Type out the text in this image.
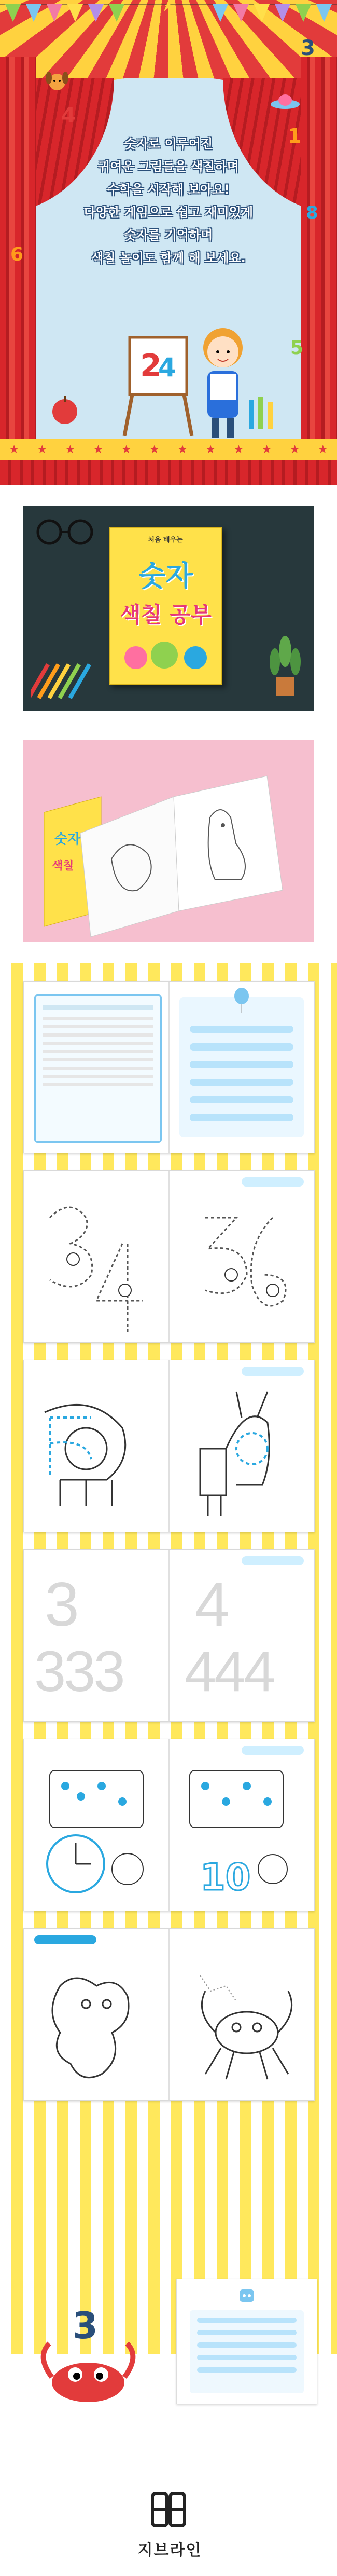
4
1
8
6
5
3
숫자로 이루어진
귀여운 그림들을 색칠하며
수학을 시작해 보아요!
다양한 게임으로 쉽고 재미있게
숫자를 기억하며
색칠 놀이도 함께 해 보세요.
2
4
★ ★ ★ ★ ★ ★ ★ ★ ★ ★ ★ ★
처음 배우는
숫자
색칠 공부
숫자
색칠
3 4
333 444
10
3
지브라인
